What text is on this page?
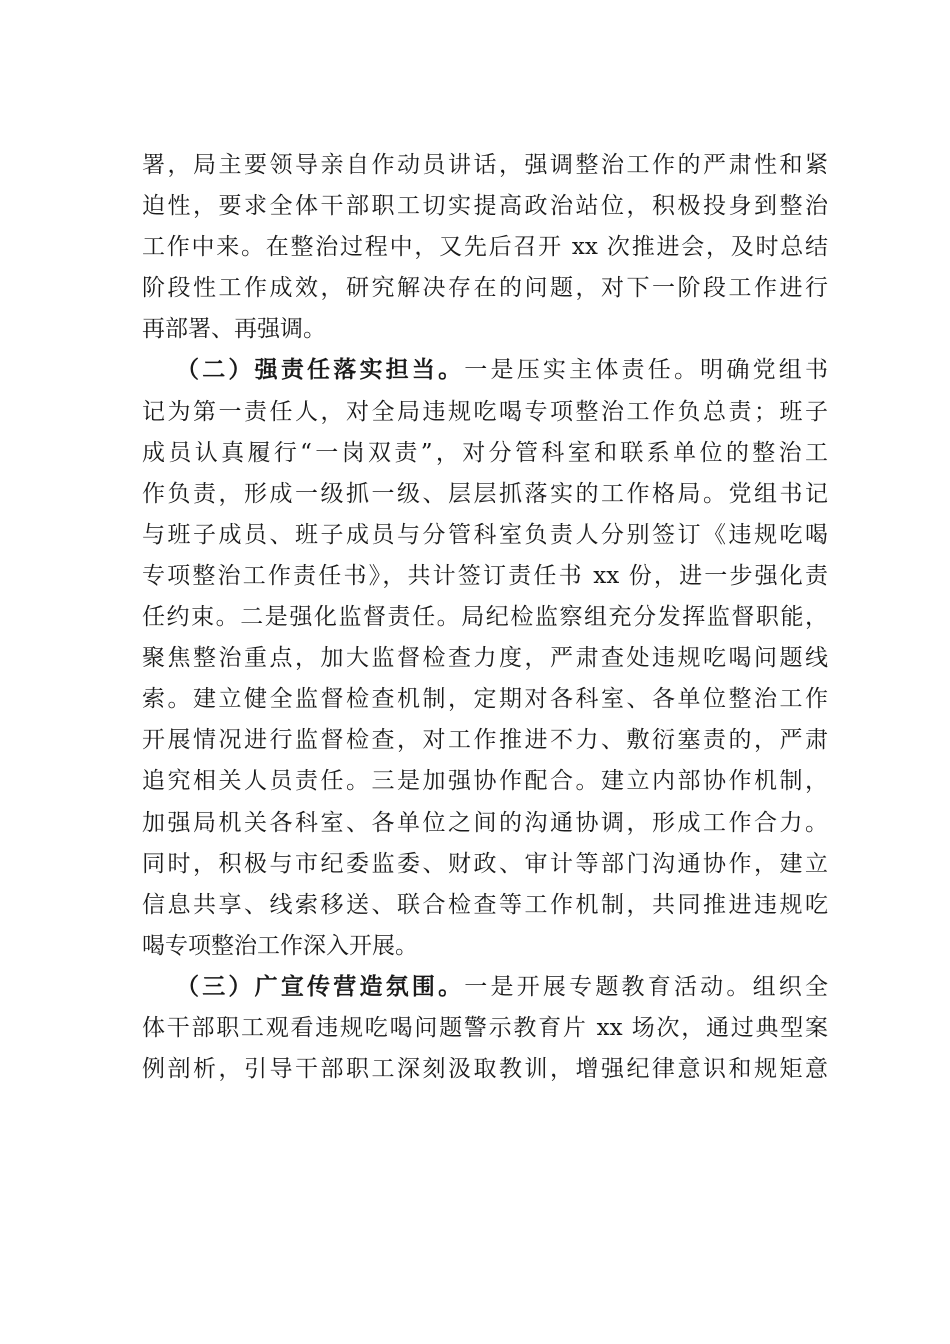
署，局主要领导亲自作动员讲话，强调整治工作的严肃性和紧
迫性，要求全体干部职工切实提高政治站位，积极投身到整治
工作中来。在整治过程中，又先后召开 xx 次推进会，及时总结
阶段性工作成效，研究解决存在的问题，对下一阶段工作进行
再部署、再强调。
（二）强责任落实担当。一是压实主体责任。明确党组书
记为第一责任人，对全局违规吃喝专项整治工作负总责；班子
成员认真履行“一岗双责”，对分管科室和联系单位的整治工
作负责，形成一级抓一级、层层抓落实的工作格局。党组书记
与班子成员、班子成员与分管科室负责人分别签订《违规吃喝
专项整治工作责任书》，共计签订责任书 xx 份，进一步强化责
任约束。二是强化监督责任。局纪检监察组充分发挥监督职能，
聚焦整治重点，加大监督检查力度，严肃查处违规吃喝问题线
索。建立健全监督检查机制，定期对各科室、各单位整治工作
开展情况进行监督检查，对工作推进不力、敷衍塞责的，严肃
追究相关人员责任。三是加强协作配合。建立内部协作机制，
加强局机关各科室、各单位之间的沟通协调，形成工作合力。
同时，积极与市纪委监委、财政、审计等部门沟通协作，建立
信息共享、线索移送、联合检查等工作机制，共同推进违规吃
喝专项整治工作深入开展。
（三）广宣传营造氛围。一是开展专题教育活动。组织全
体干部职工观看违规吃喝问题警示教育片 xx 场次，通过典型案
例剖析，引导干部职工深刻汲取教训，增强纪律意识和规矩意
